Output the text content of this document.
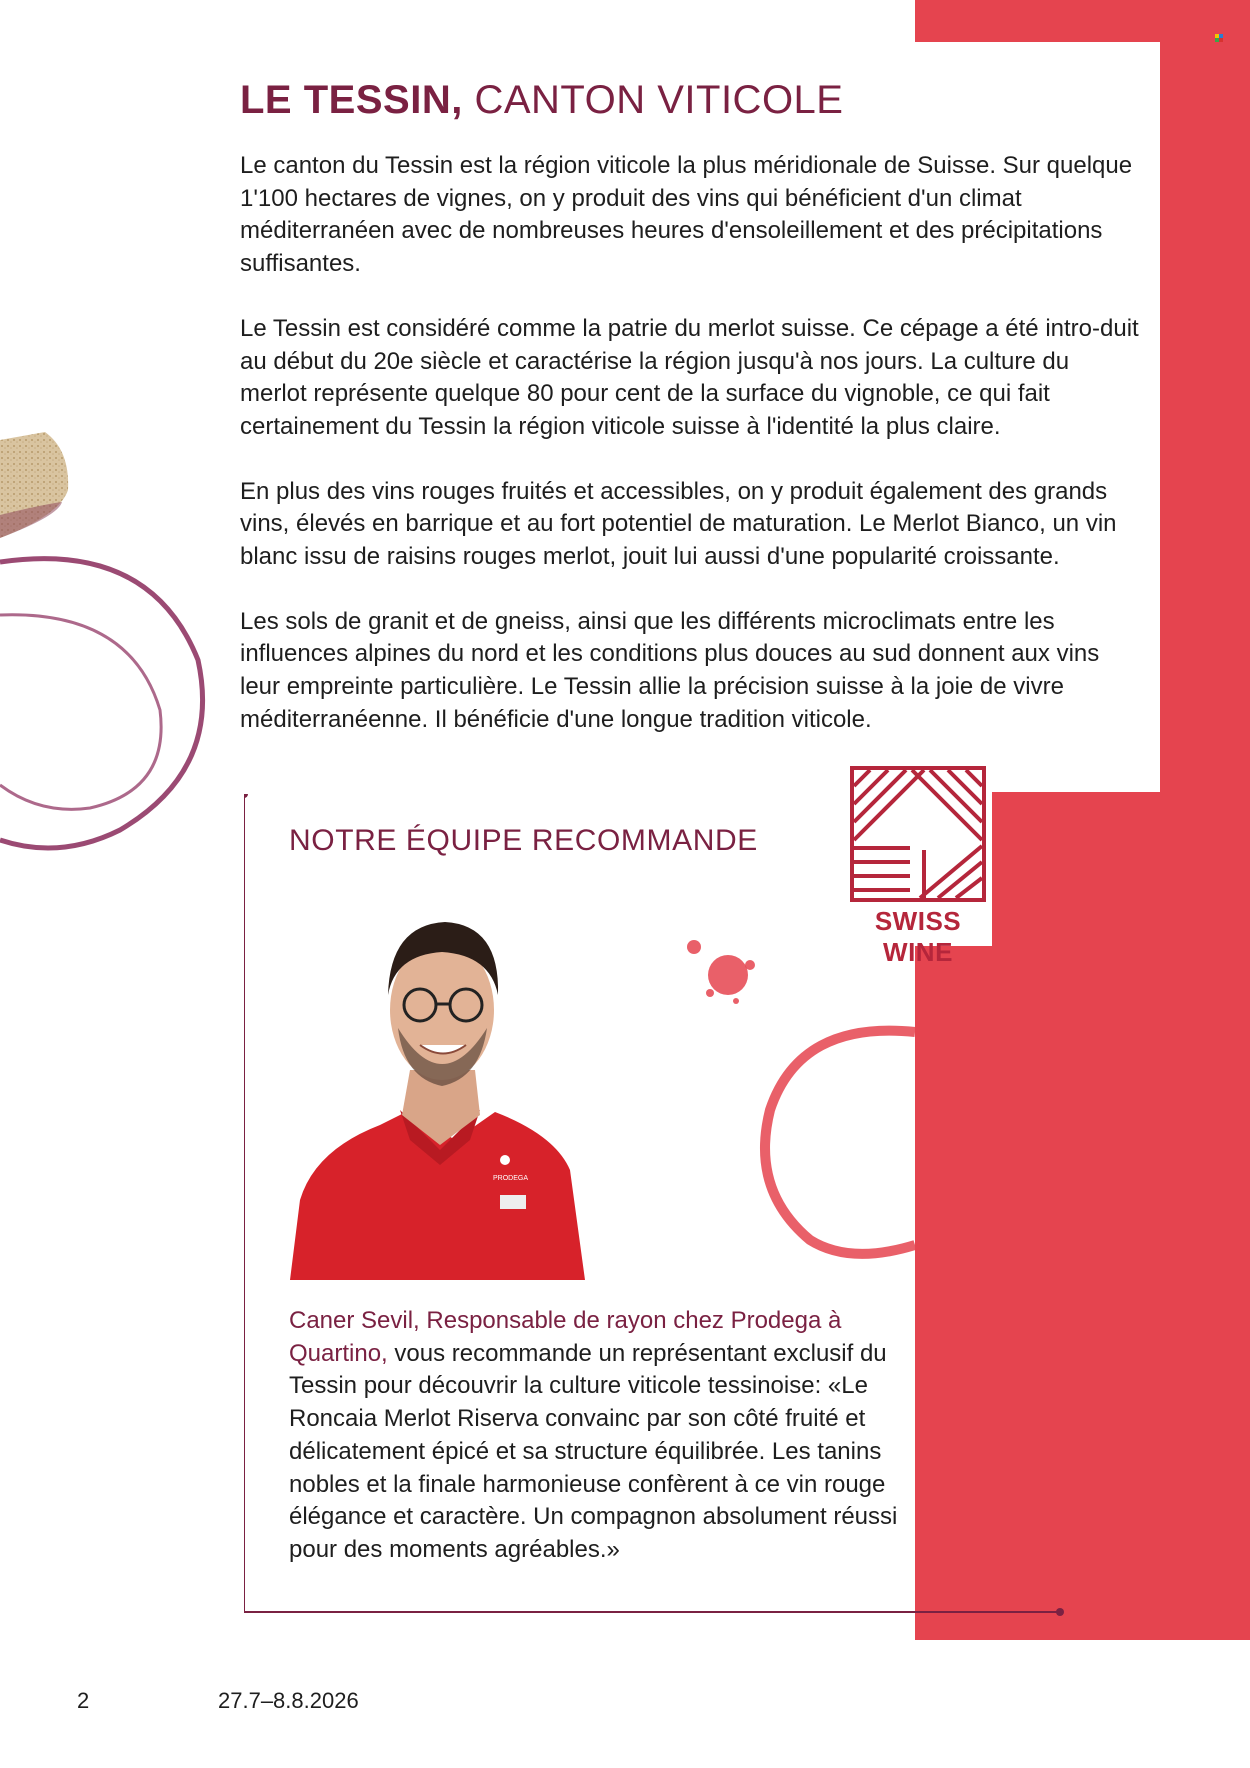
LE TESSIN, CANTON VITICOLE

Le canton du Tessin est la région viticole la plus méridionale de Suisse. Sur quelque 1'100 hectares de vignes, on y produit des vins qui bénéficient d'un climat méditerranéen avec de nombreuses heures d'ensoleillement et des précipitations suffisantes.

Le Tessin est considéré comme la patrie du merlot suisse. Ce cépage a été intro-duit au début du 20e siècle et caractérise la région jusqu'à nos jours. La culture du merlot représente quelque 80 pour cent de la surface du vignoble, ce qui fait certainement du Tessin la région viticole suisse à l'identité la plus claire.

En plus des vins rouges fruités et accessibles, on y produit également des grands vins, élevés en barrique et au fort potentiel de maturation. Le Merlot Bianco, un vin blanc issu de raisins rouges merlot, jouit lui aussi d'une popularité croissante.

Les sols de granit et de gneiss, ainsi que les différents microclimats entre les influences alpines du nord et les conditions plus douces au sud donnent aux vins leur empreinte particulière. Le Tessin allie la précision suisse à la joie de vivre méditerranéenne. Il bénéficie d'une longue tradition viticole.

NOTRE ÉQUIPE RECOMMANDE
SWISS WINE
PRODEGA
Caner Sevil, Responsable de rayon chez Prodega à Quartino, vous recommande un représentant exclusif du Tessin pour découvrir la culture viticole tessinoise: «Le Roncaia Merlot Riserva convainc par son côté fruité et délicatement épicé et sa structure équilibrée. Les tanins nobles et la finale harmonieuse confèrent à ce vin rouge élégance et caractère. Un compagnon absolument réussi pour des moments agréables.»
2	27.7–8.8.2026
